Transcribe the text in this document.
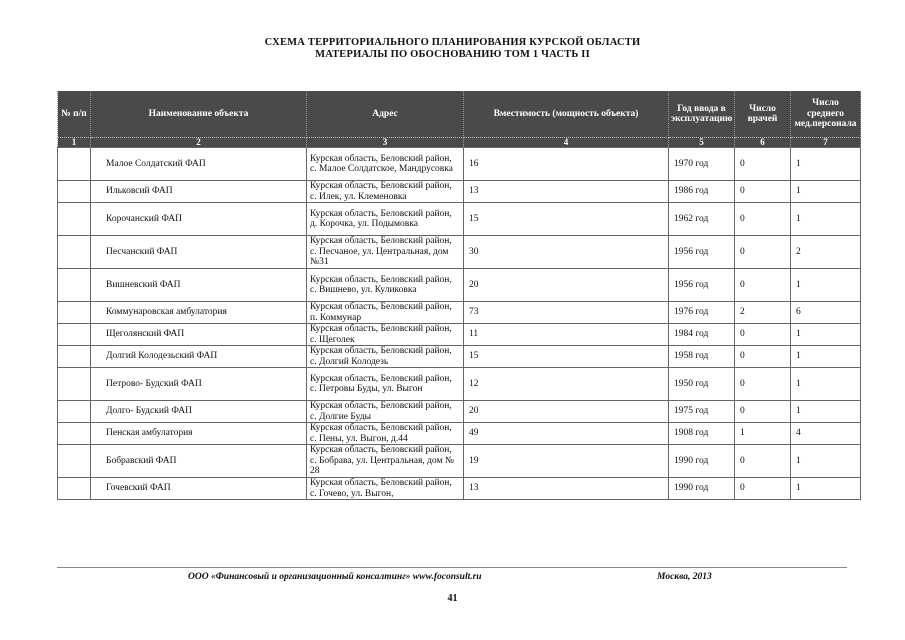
СХЕМА ТЕРРИТОРИАЛЬНОГО ПЛАНИРОВАНИЯ КУРСКОЙ ОБЛАСТИ
МАТЕРИАЛЫ ПО ОБОСНОВАНИЮ ТОМ 1 ЧАСТЬ II
№ п/п	Наименование объекта	Адрес	Вместимость (мощность объекта)	Год ввода в эксплуатацию	Число врачей	Число среднего мед.персонала
1	2	3	4	5	6	7
	Малое Солдатский ФАП	Курская область, Беловский район, с. Малое Солдатское, Мандрусовка	16	1970 год	0	1
	Ильковсий ФАП	Курская область, Беловский район, с. Илек, ул. Клеменовка	13	1986 год	0	1
	Корочанский ФАП	Курская область, Беловский район, д. Корочка, ул. Подымовка	15	1962 год	0	1
	Песчанский ФАП	Курская область, Беловский район, с. Песчаное, ул. Центральная, дом №31	30	1956 год	0	2
	Вишневский ФАП	Курская область, Беловский район, с. Вишнево, ул. Куликовка	20	1956 год	0	1
	Коммунаровская амбулатория	Курская область, Беловский район, п. Коммунар	73	1976 год	2	6
	Щеголянский ФАП	Курская область, Беловский район, с. Щеголек	11	1984 год	0	1
	Долгий Колодезьский ФАП	Курская область, Беловский район, с. Долгий Колодезь	15	1958 год	0	1
	Петрово- Будский ФАП	Курская область, Беловский район, с. Петровы Буды, ул. Выгон	12	1950 год	0	1
	Долго- Будский ФАП	Курская область, Беловский район, с. Долгие Буды	20	1975 год	0	1
	Пенская амбулатория	Курская область, Беловский район, с. Пены, ул. Выгон, д.44	49	1908 год	1	4
	Бобравский ФАП	Курская область, Беловский район, с. Бобрава, ул. Центральная, дом № 28	19	1990 год	0	1
	Гочевский ФАП	Курская область, Беловский район, с. Гочево, ул. Выгон,	13	1990 год	0	1
ООО «Финансовый и организационный консалтинг» www.foconsult.ru	Москва, 2013
41
